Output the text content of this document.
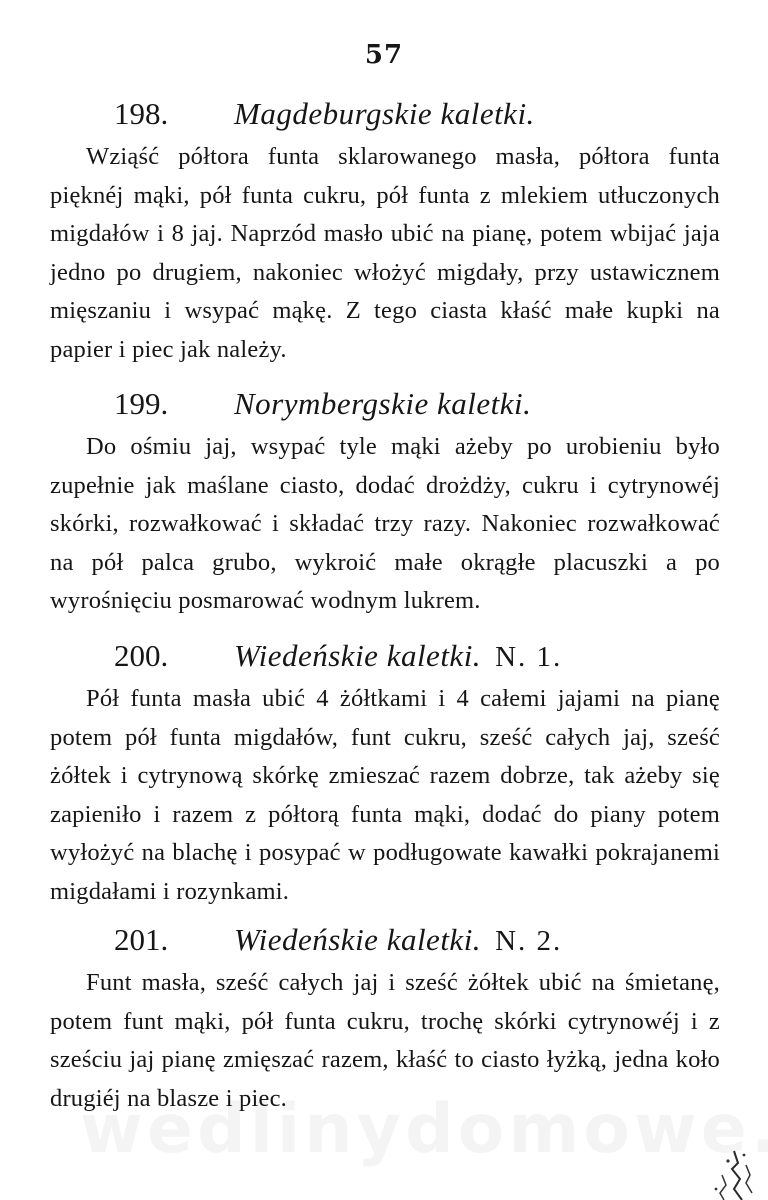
57
198. Magdeburgskie kaletki.

Wziąść półtora funta sklarowanego masła, półtora funta pięknéj mąki, pół funta cukru, pół funta z mlekiem utłuczonych migdałów i 8 jaj. Naprzód masło ubić na pianę, potem wbijać jaja jedno po drugiem, nakoniec włożyć migdały, przy ustawicznem mięszaniu i wsypać mąkę. Z tego ciasta kłaść małe kupki na papier i piec jak należy.

199. Norymbergskie kaletki.

Do ośmiu jaj, wsypać tyle mąki ażeby po urobieniu było zupełnie jak maślane ciasto, dodać drożdży, cukru i cytrynowéj skórki, rozwałkować i składać trzy razy. Nakoniec rozwałkować na pół palca grubo, wykroić małe okrągłe placuszki a po wyrośnięciu posmarować wodnym lukrem.

200. Wiedeńskie kaletki. N. 1.

Pół funta masła ubić 4 żółtkami i 4 całemi jajami na pianę potem pół funta migdałów, funt cukru, sześć całych jaj, sześć żółtek i cytrynową skórkę zmieszać razem dobrze, tak ażeby się zapieniło i razem z półtorą funta mąki, dodać do piany potem wyłożyć na blachę i posypać w podługowate kawałki pokrajanemi migdałami i rozynkami.

201. Wiedeńskie kaletki. N. 2.

Funt masła, sześć całych jaj i sześć żółtek ubić na śmietanę, potem funt mąki, pół funta cukru, trochę skórki cytrynowéj i z sześciu jaj pianę zmięszać razem, kłaść to ciasto łyżką, jedna koło drugiéj na blasze i piec.
